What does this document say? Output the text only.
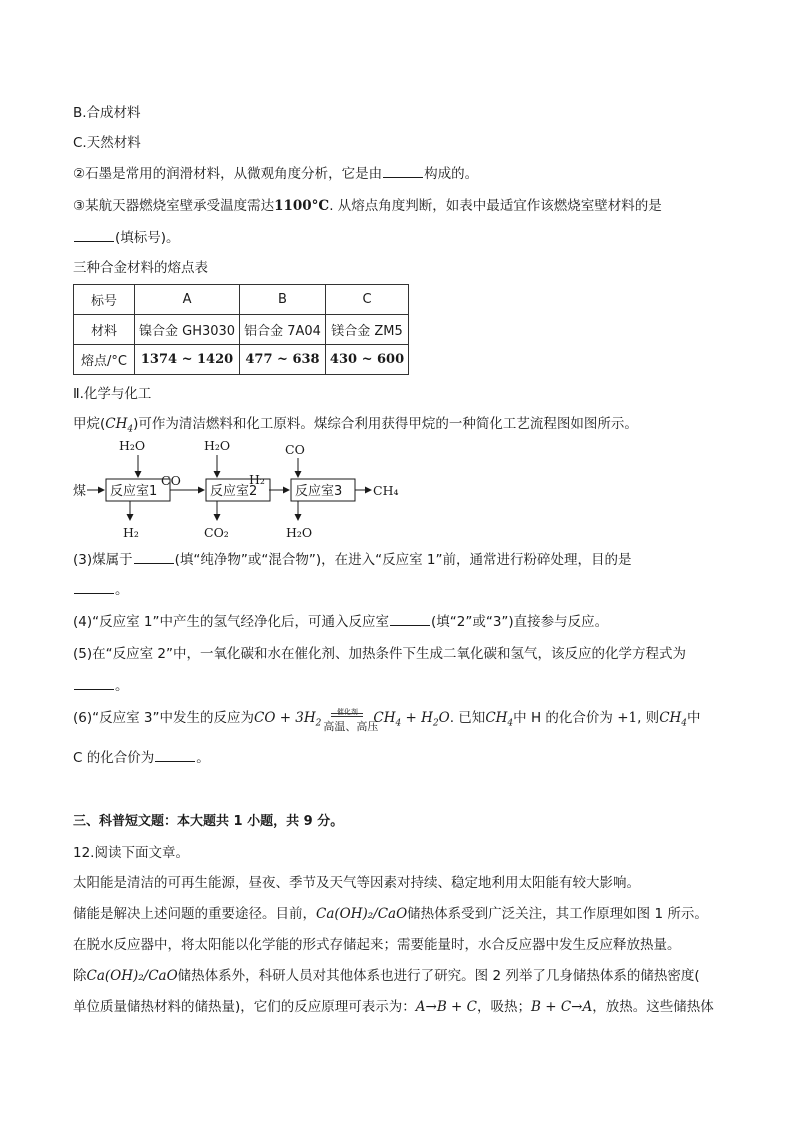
B.合成材料
C.天然材料
②石墨是常用的润滑材料，从微观角度分析，它是由	构成的。
③某航天器燃烧室壁承受温度需达1100°C. 从熔点角度判断，如表中最适宜作该燃烧室壁材料的是
(填标号)。
三种合金材料的熔点表
标号	A	B	C
材料	镍合金 GH3030	铝合金 7A04	镁合金 ZM5
熔点/°C	1374 ~ 1420	477 ~ 638	430 ~ 600
Ⅱ.化学与化工
甲烷$(CH_4)$可作为清洁燃料和化工原料。煤综合利用获得甲烷的一种简化工艺流程图如图所示。
煤 反应室1
CO
反应室2
H₂
反应室3 CH₄
H₂O	H₂O	CO
H₂	CO₂	H₂O
(3)煤属于	(填“纯净物”或“混合物”)，在进入“反应室 1”前，通常进行粉碎处理，目的是
。
(4)“反应室 1”中产生的氢气经净化后，可通入反应室	(填“2”或“3”)直接参与反应。
(5)在“反应室 2”中，一氧化碳和水在催化剂、加热条件下生成二氧化碳和氢气，该反应的化学方程式为
。
(6)“反应室 3”中发生的反应为CO + $3H_2$
催化剂
高温、高压
$CH_4 + H_2O$. 已知$CH_4$中 H 的化合价为 +1, 则$CH_4$中
C 的化合价为	。
三、科普短文题：本大题共 1 小题，共 9 分。
12.阅读下面文章。
太阳能是清洁的可再生能源，昼夜、季节及天气等因素对持续、稳定地利用太阳能有较大影响。
储能是解决上述问题的重要途径。目前，Ca(OH)₂/CaO储热体系受到广泛关注，其工作原理如图 1 所示。
在脱水反应器中，将太阳能以化学能的形式存储起来；需要能量时，水合反应器中发生反应释放热量。
除Ca(OH)₂/CaO储热体系外，科研人员对其他体系也进行了研究。图 2 列举了几身储热体系的储热密度(
单位质量储热材料的储热量)，它们的反应原理可表示为：A→B + C，吸热；B + C→A，放热。这些储热体
